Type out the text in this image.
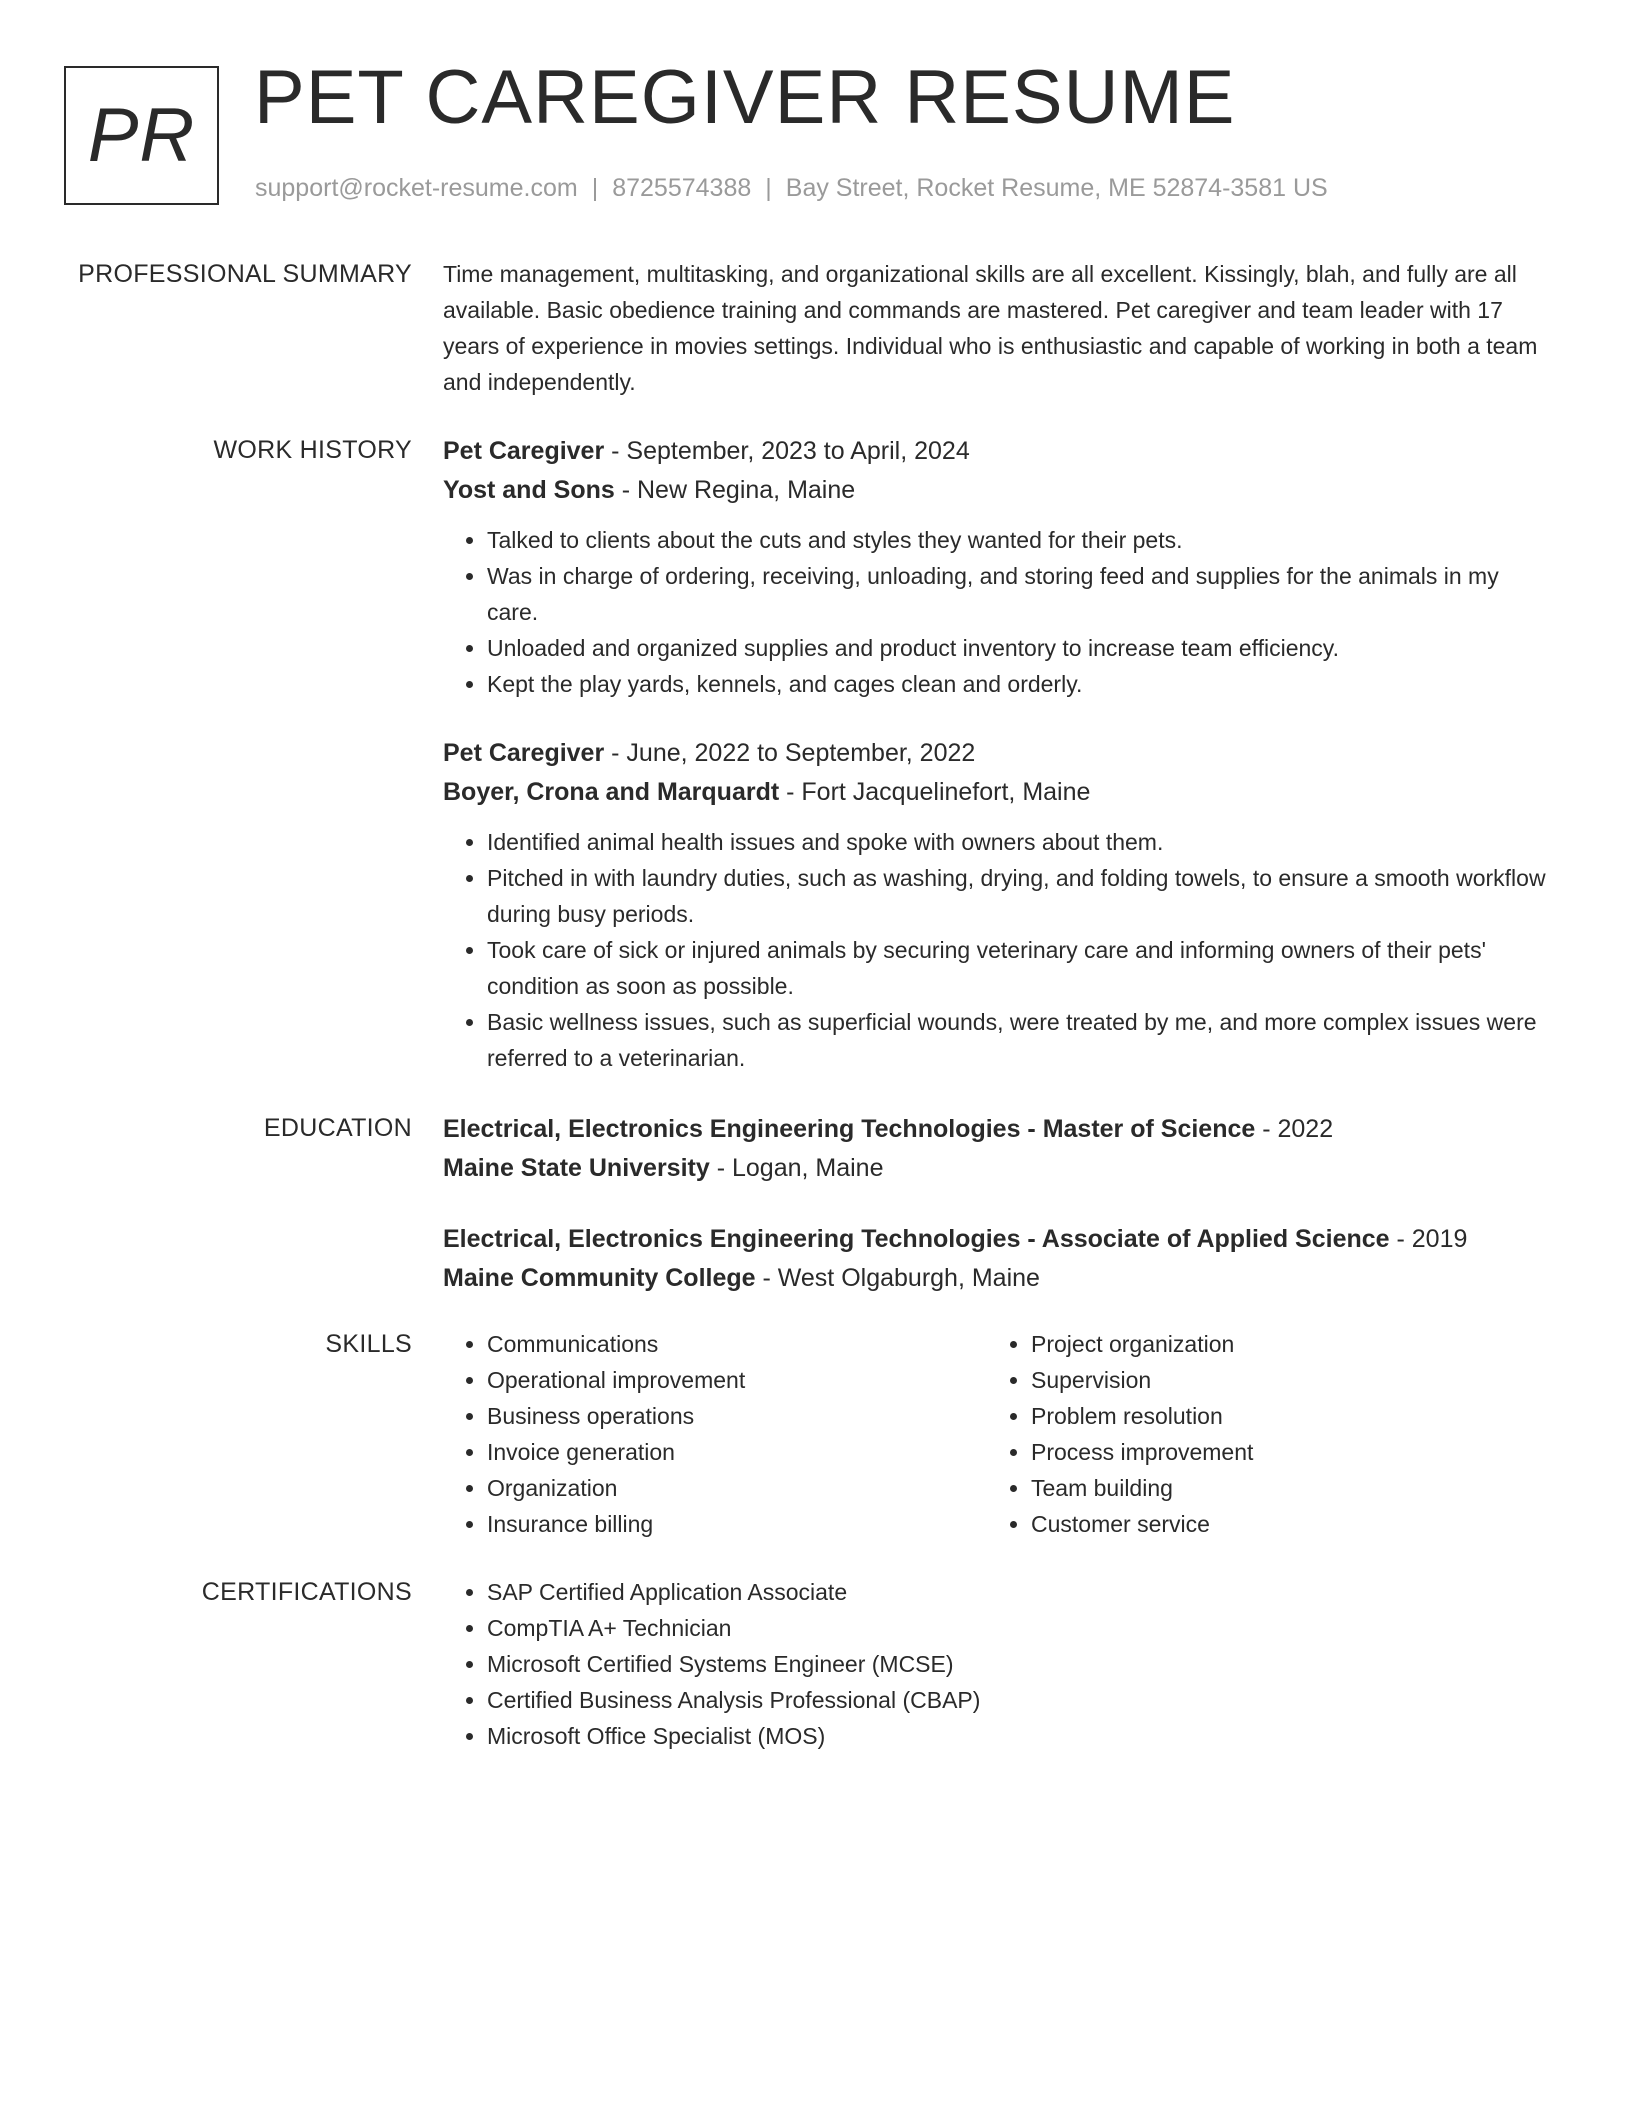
PR PET CAREGIVER RESUME
support@rocket-resume.com | 8725574388 | Bay Street, Rocket Resume, ME 52874-3581 US
PROFESSIONAL SUMMARY Time management, multitasking, and organizational skills are all excellent. Kissingly, blah, and fully are all available. Basic obedience training and commands are mastered. Pet caregiver and team leader with 17 years of experience in movies settings. Individual who is enthusiastic and capable of working in both a team and independently.

WORK HISTORY Pet Caregiver - September, 2023 to April, 2024
Yost and Sons - New Regina, Maine
• Talked to clients about the cuts and styles they wanted for their pets.
• Was in charge of ordering, receiving, unloading, and storing feed and supplies for the animals in my care.
• Unloaded and organized supplies and product inventory to increase team efficiency.
• Kept the play yards, kennels, and cages clean and orderly.
Pet Caregiver - June, 2022 to September, 2022
Boyer, Crona and Marquardt - Fort Jacquelinefort, Maine
• Identified animal health issues and spoke with owners about them.
• Pitched in with laundry duties, such as washing, drying, and folding towels, to ensure a smooth workflow during busy periods.
• Took care of sick or injured animals by securing veterinary care and informing owners of their pets' condition as soon as possible.
• Basic wellness issues, such as superficial wounds, were treated by me, and more complex issues were referred to a veterinarian.
EDUCATION Electrical, Electronics Engineering Technologies - Master of Science - 2022
Maine State University - Logan, Maine
Electrical, Electronics Engineering Technologies - Associate of Applied Science - 2019
Maine Community College - West Olgaburgh, Maine
SKILLS	• Communications
• Operational improvement
• Business operations
• Invoice generation
• Organization
• Insurance billing
• Project organization
• Supervision
• Problem resolution
• Process improvement
• Team building
• Customer service
CERTIFICATIONS	• SAP Certified Application Associate
• CompTIA A+ Technician
• Microsoft Certified Systems Engineer (MCSE)
• Certified Business Analysis Professional (CBAP)
• Microsoft Office Specialist (MOS)
